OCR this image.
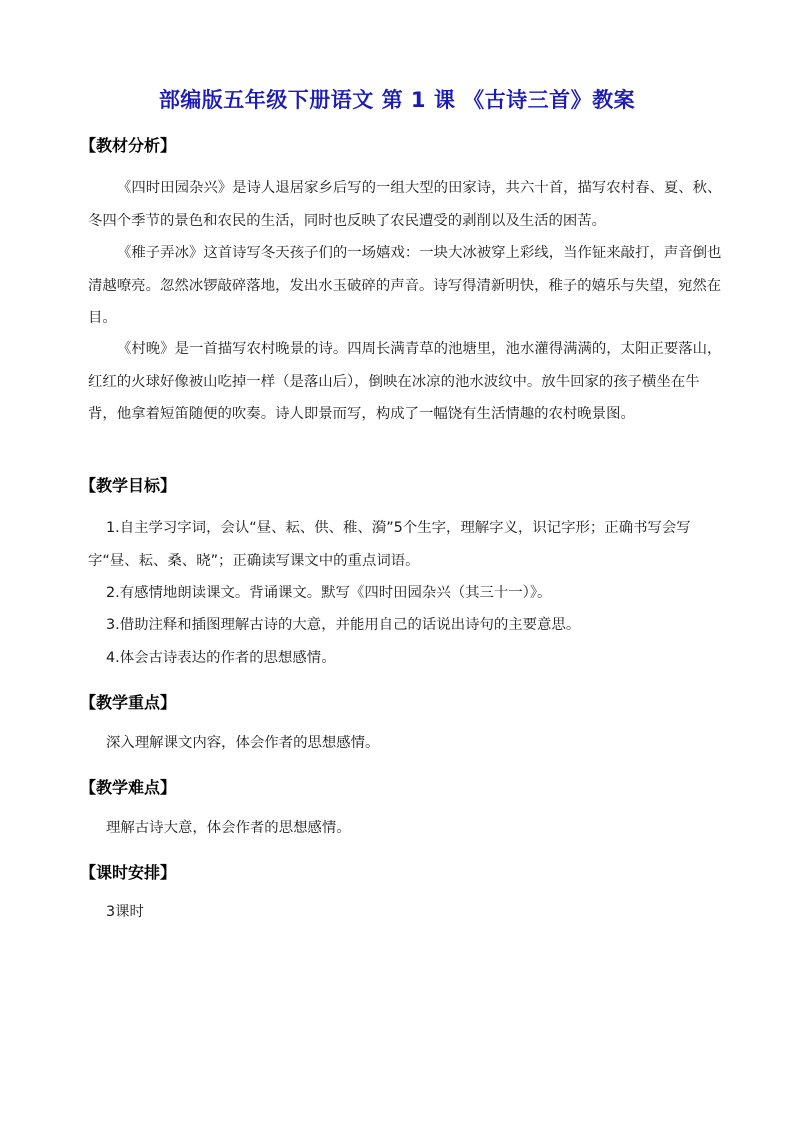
部编版五年级下册语文 第 1 课 《古诗三首》教案
【教材分析】

《四时田园杂兴》是诗人退居家乡后写的一组大型的田家诗，共六十首，描写农村春、夏、秋、冬四个季节的景色和农民的生活，同时也反映了农民遭受的剥削以及生活的困苦。

《稚子弄冰》这首诗写冬天孩子们的一场嬉戏：一块大冰被穿上彩线，当作钲来敲打，声音倒也清越嘹亮。忽然冰锣敲碎落地，发出水玉破碎的声音。诗写得清新明快，稚子的嬉乐与失望，宛然在目。

《村晚》是一首描写农村晚景的诗。四周长满青草的池塘里，池水灌得满满的，太阳正要落山，红红的火球好像被山吃掉一样（是落山后），倒映在冰凉的池水波纹中。放牛回家的孩子横坐在牛背，他拿着短笛随便的吹奏。诗人即景而写，构成了一幅饶有生活情趣的农村晚景图。

【教学目标】

1.自主学习字词，会认“昼、耘、供、稚、漪”5个生字，理解字义，识记字形；正确书写会写字“昼、耘、桑、晓”；正确读写课文中的重点词语。

2.有感情地朗读课文。背诵课文。默写《四时田园杂兴（其三十一）》。

【教学重点】

深入理解课文内容，体会作者的思想感情。

【教学难点】

理解古诗大意，体会作者的思想感情。

【课时安排】

3课时

3.借助注释和插图理解古诗的大意，并能用自己的话说出诗句的主要意思。

4.体会古诗表达的作者的思想感情。
